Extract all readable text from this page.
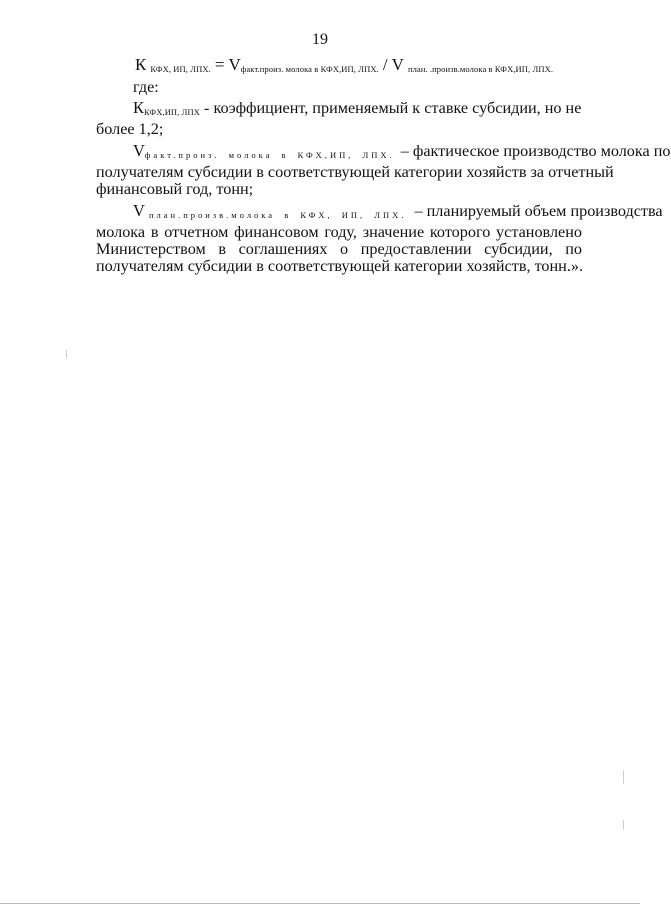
19
К $_{КФХ, ИП, ЛПХ.} = V_{факт.произ. молока в КФХ,ИП, ЛПХ.} / V$ $_{план. .произв.молока в КФХ,ИП, ЛПХ.}$
где:
$К_{КФХ,ИП, ЛПХ}$ - коэффициент, применяемый к ставке субсидии, но не
более 1,2;
Vфакт.произ. молока в КФХ,ИП, ЛПХ. – фактическое производство молока по
получателям субсидии в соответствующей категории хозяйств за отчетный
финансовый год, тонн;
V план.произв.молока в КФХ, ИП, ЛПХ. – планируемый объем производства
молока в отчетном финансовом году, значение которого установлено
Министерством в соглашениях о предоставлении субсидии, по
получателям субсидии в соответствующей категории хозяйств, тонн.».
